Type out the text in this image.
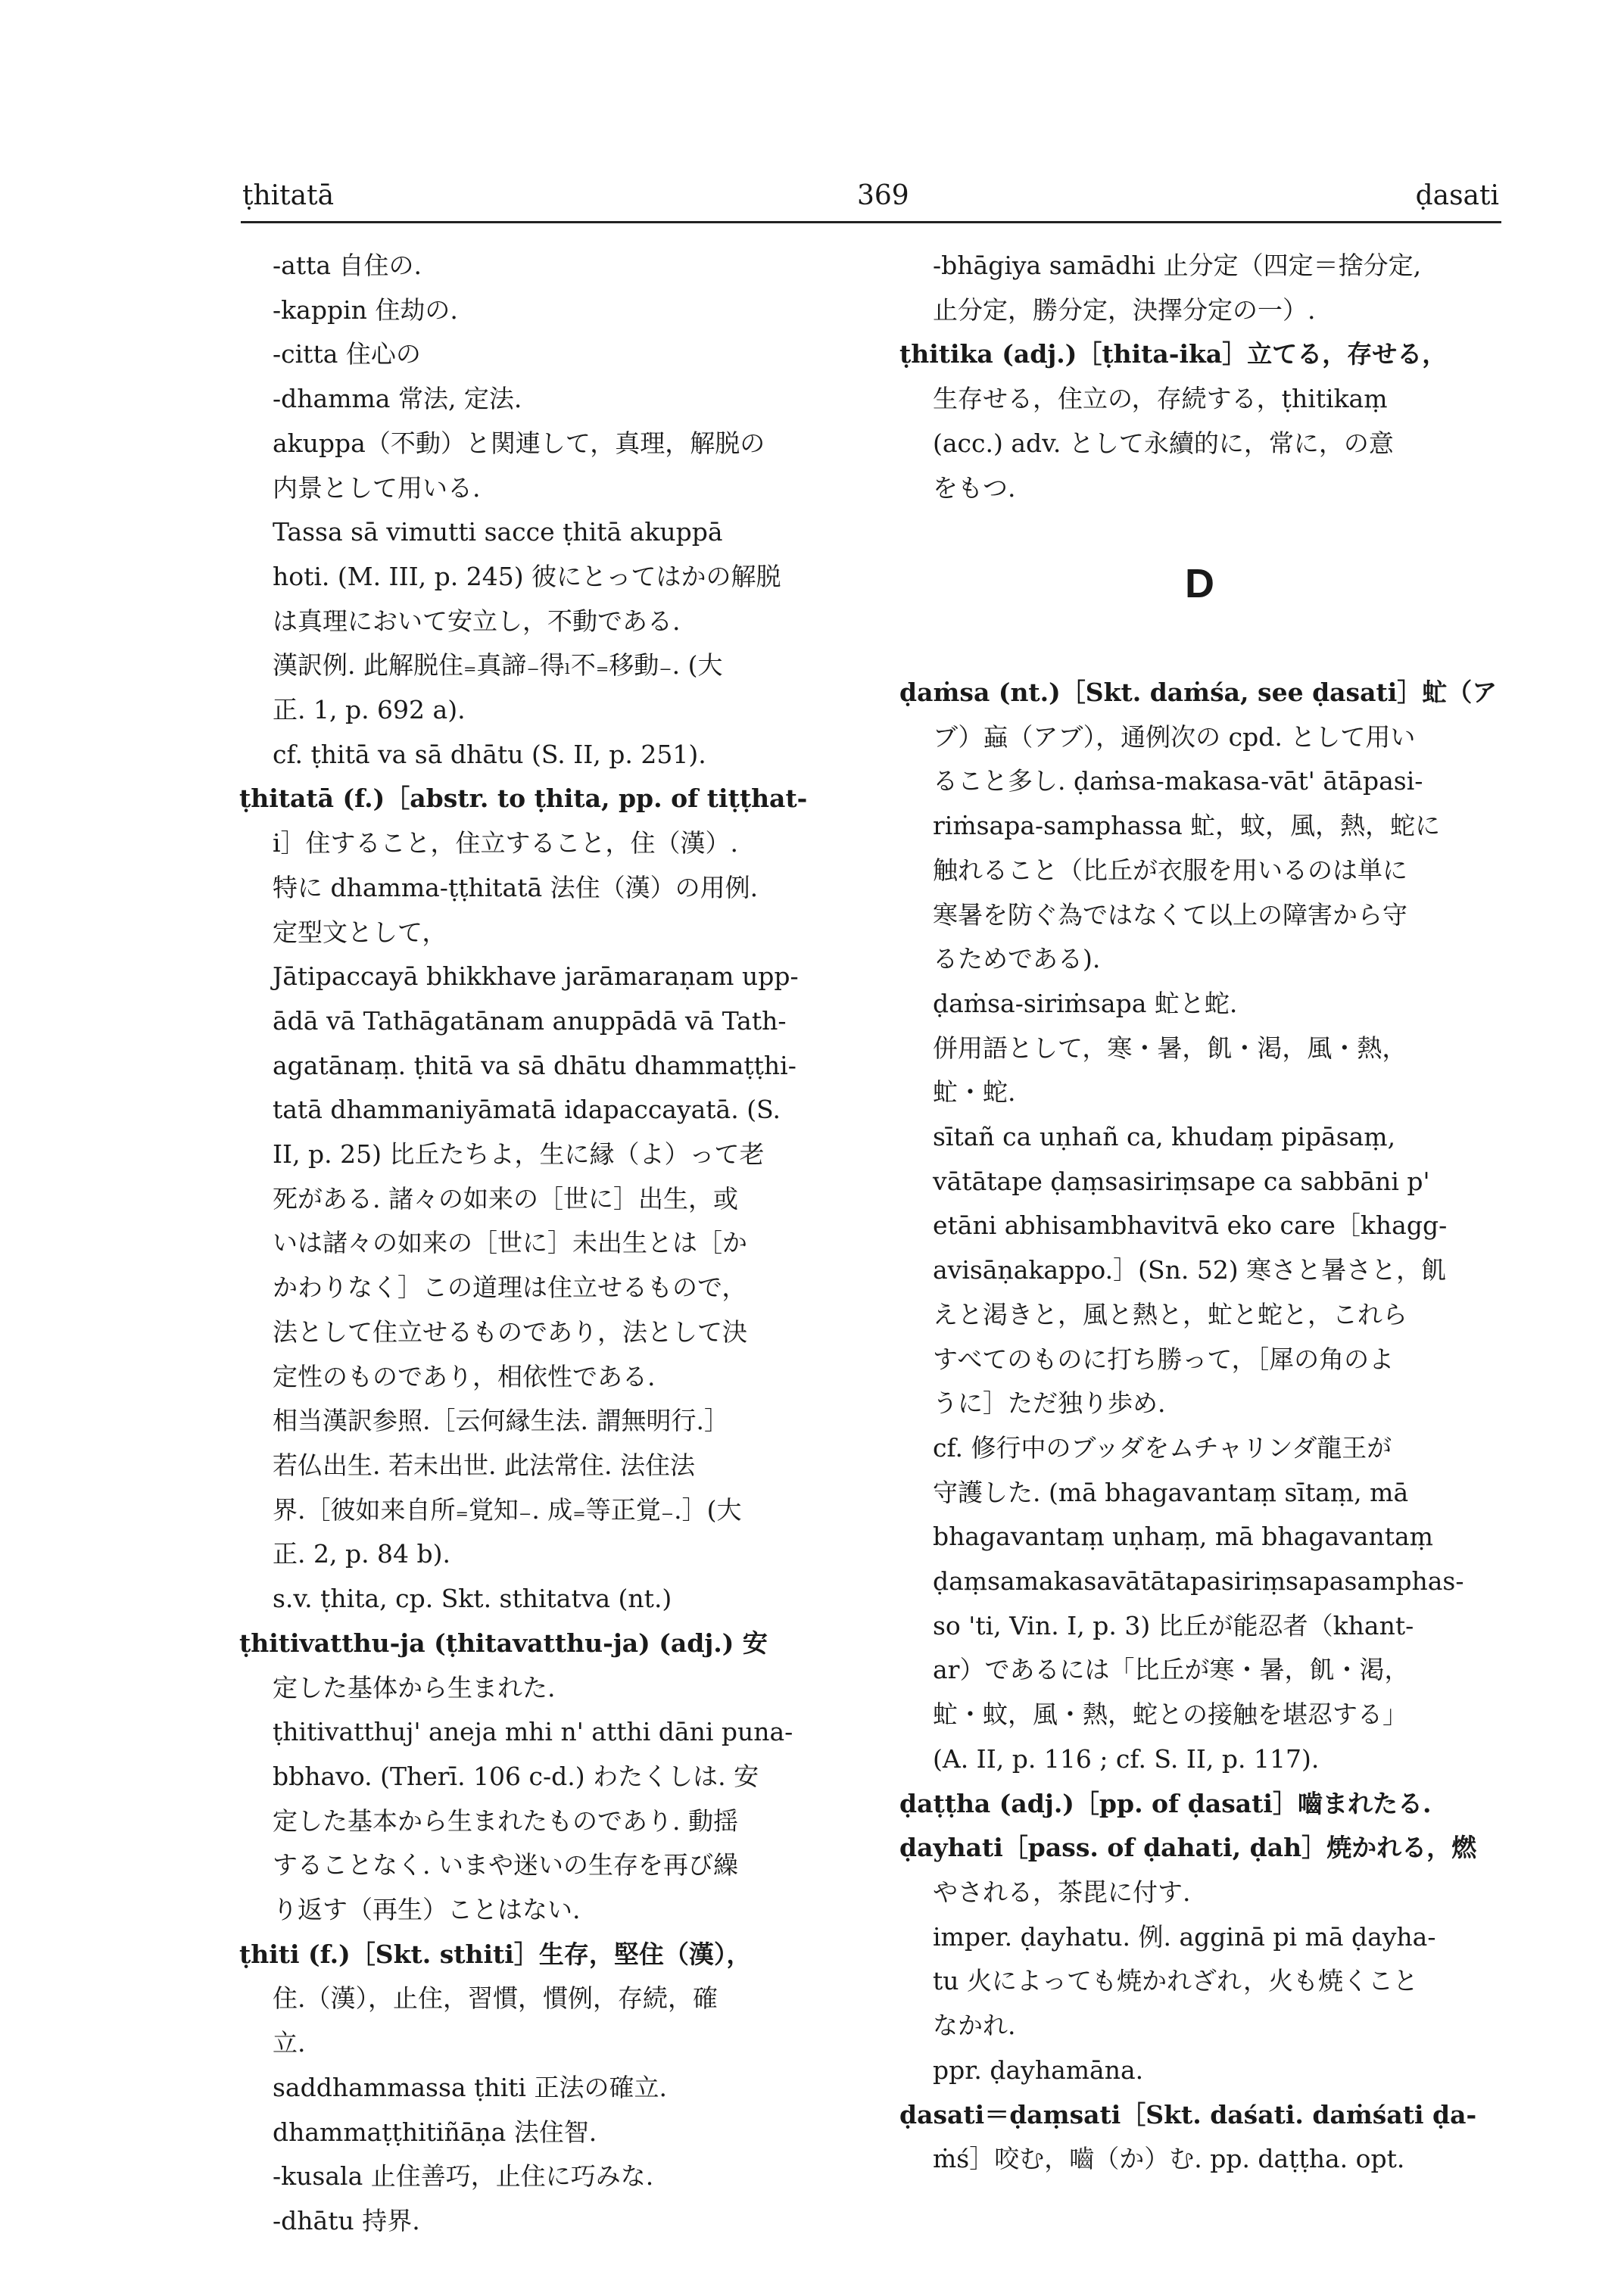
ṭhitatā	369	ḍasati
-atta 自住の.
-kappin 住劫の.
-citta 住心の
-dhamma 常法, 定法.
akuppa（不動）と関連して，真理，解脱の
内景として用いる.
Tassa sā vimutti sacce ṭhitā akuppā
hoti. (M. III, p. 245) 彼にとってはかの解脱
は真理において安立し，不動である.
漢訳例. 此解脱住₌真諦₋得ₗ不₌移動₋. (大
正. 1, p. 692 a).
cf. ṭhitā va sā dhātu (S. II, p. 251).
ṭhitatā (f.)［abstr. to ṭhita, pp. of tiṭṭhat-
i］住すること，住立すること，住（漢）.
特に dhamma-ṭṭhitatā 法住（漢）の用例.
定型文として，
Jātipaccayā bhikkhave jarāmaraṇam upp-
ādā vā Tathāgatānam anuppādā vā Tath-
agatānaṃ. ṭhitā va sā dhātu dhammaṭṭhi-
tatā dhammaniyāmatā idapaccayatā. (S.
II, p. 25) 比丘たちよ，生に縁（よ）って老
死がある. 諸々の如来の［世に］出生，或
いは諸々の如来の［世に］未出生とは［か
かわりなく］この道理は住立せるもので，
法として住立せるものであり，法として決
定性のものであり，相依性である.
相当漢訳参照.［云何縁生法. 謂無明行.］
若仏出生. 若未出世. 此法常住. 法住法
界.［彼如来自所₌覚知₋. 成₌等正覚₋.］(大
正. 2, p. 84 b).
s.v. ṭhita, cp. Skt. sthitatva (nt.)
ṭhitivatthu-ja (ṭhitavatthu-ja) (adj.) 安
定した基体から生まれた.
ṭhitivatthuj' aneja mhi n' atthi dāni puna-
bbhavo. (Therī. 106 c-d.) わたくしは. 安
定した基本から生まれたものであり. 動揺
することなく. いまや迷いの生存を再び繰
り返す（再生）ことはない.
ṭhiti (f.)［Skt. sthiti］生存，堅住（漢），
住.（漢），止住，習慣，慣例，存続，確
立.
saddhammassa ṭhiti 正法の確立.
dhammaṭṭhitiñāṇa 法住智.
-kusala 止住善巧，止住に巧みな.
-dhātu 持界.
-bhāgiya samādhi 止分定（四定＝捨分定,
止分定，勝分定，決擇分定の一）.
ṭhitika (adj.)［ṭhita-ika］立てる，存せる，
生存せる，住立の，存続する，ṭhitikaṃ
(acc.) adv. として永續的に，常に，の意
をもつ.
D
ḍaṁsa (nt.)［Skt. daṁśa, see ḍasati］虻（ア
ブ）蝱（アブ），通例次の cpd. として用い
ること多し. ḍaṁsa-makasa-vāt' ātāpasi-
riṁsapa-samphassa 虻，蚊，風，熱，蛇に
触れること（比丘が衣服を用いるのは単に
寒暑を防ぐ為ではなくて以上の障害から守
るためである).
ḍaṁsa-siriṁsapa 虻と蛇.
併用語として，寒・暑，飢・渇，風・熱，
虻・蛇.
sītañ ca uṇhañ ca, khudaṃ pipāsaṃ,
vātātape ḍaṃsasiriṃsape ca sabbāni p'
etāni abhisambhavitvā eko care［khagg-
avisāṇakappo.］(Sn. 52) 寒さと暑さと，飢
えと渇きと，風と熱と，虻と蛇と，これら
すべてのものに打ち勝って，［犀の角のよ
うに］ただ独り歩め.
cf. 修行中のブッダをムチャリンダ龍王が
守護した. (mā bhagavantaṃ sītaṃ, mā
bhagavantaṃ uṇhaṃ, mā bhagavantaṃ
ḍaṃsamakasavātātapasiriṃsapasamphas-
so 'ti, Vin. I, p. 3) 比丘が能忍者（khant-
ar）であるには「比丘が寒・暑，飢・渇，
虻・蚊，風・熱，蛇との接触を堪忍する」
(A. II, p. 116 ; cf. S. II, p. 117).
ḍaṭṭha (adj.)［pp. of ḍasati］嚙まれたる.
ḍayhati［pass. of ḍahati, ḍah］焼かれる，燃
やされる，茶毘に付す.
imper. ḍayhatu. 例. agginā pi mā ḍayha-
tu 火によっても焼かれざれ，火も焼くこと
なかれ.
ppr. ḍayhamāna.
ḍasati＝ḍaṃsati［Skt. daśati. daṁśati ḍa-
ṁś］咬む，嚙（か）む. pp. daṭṭha. opt.
